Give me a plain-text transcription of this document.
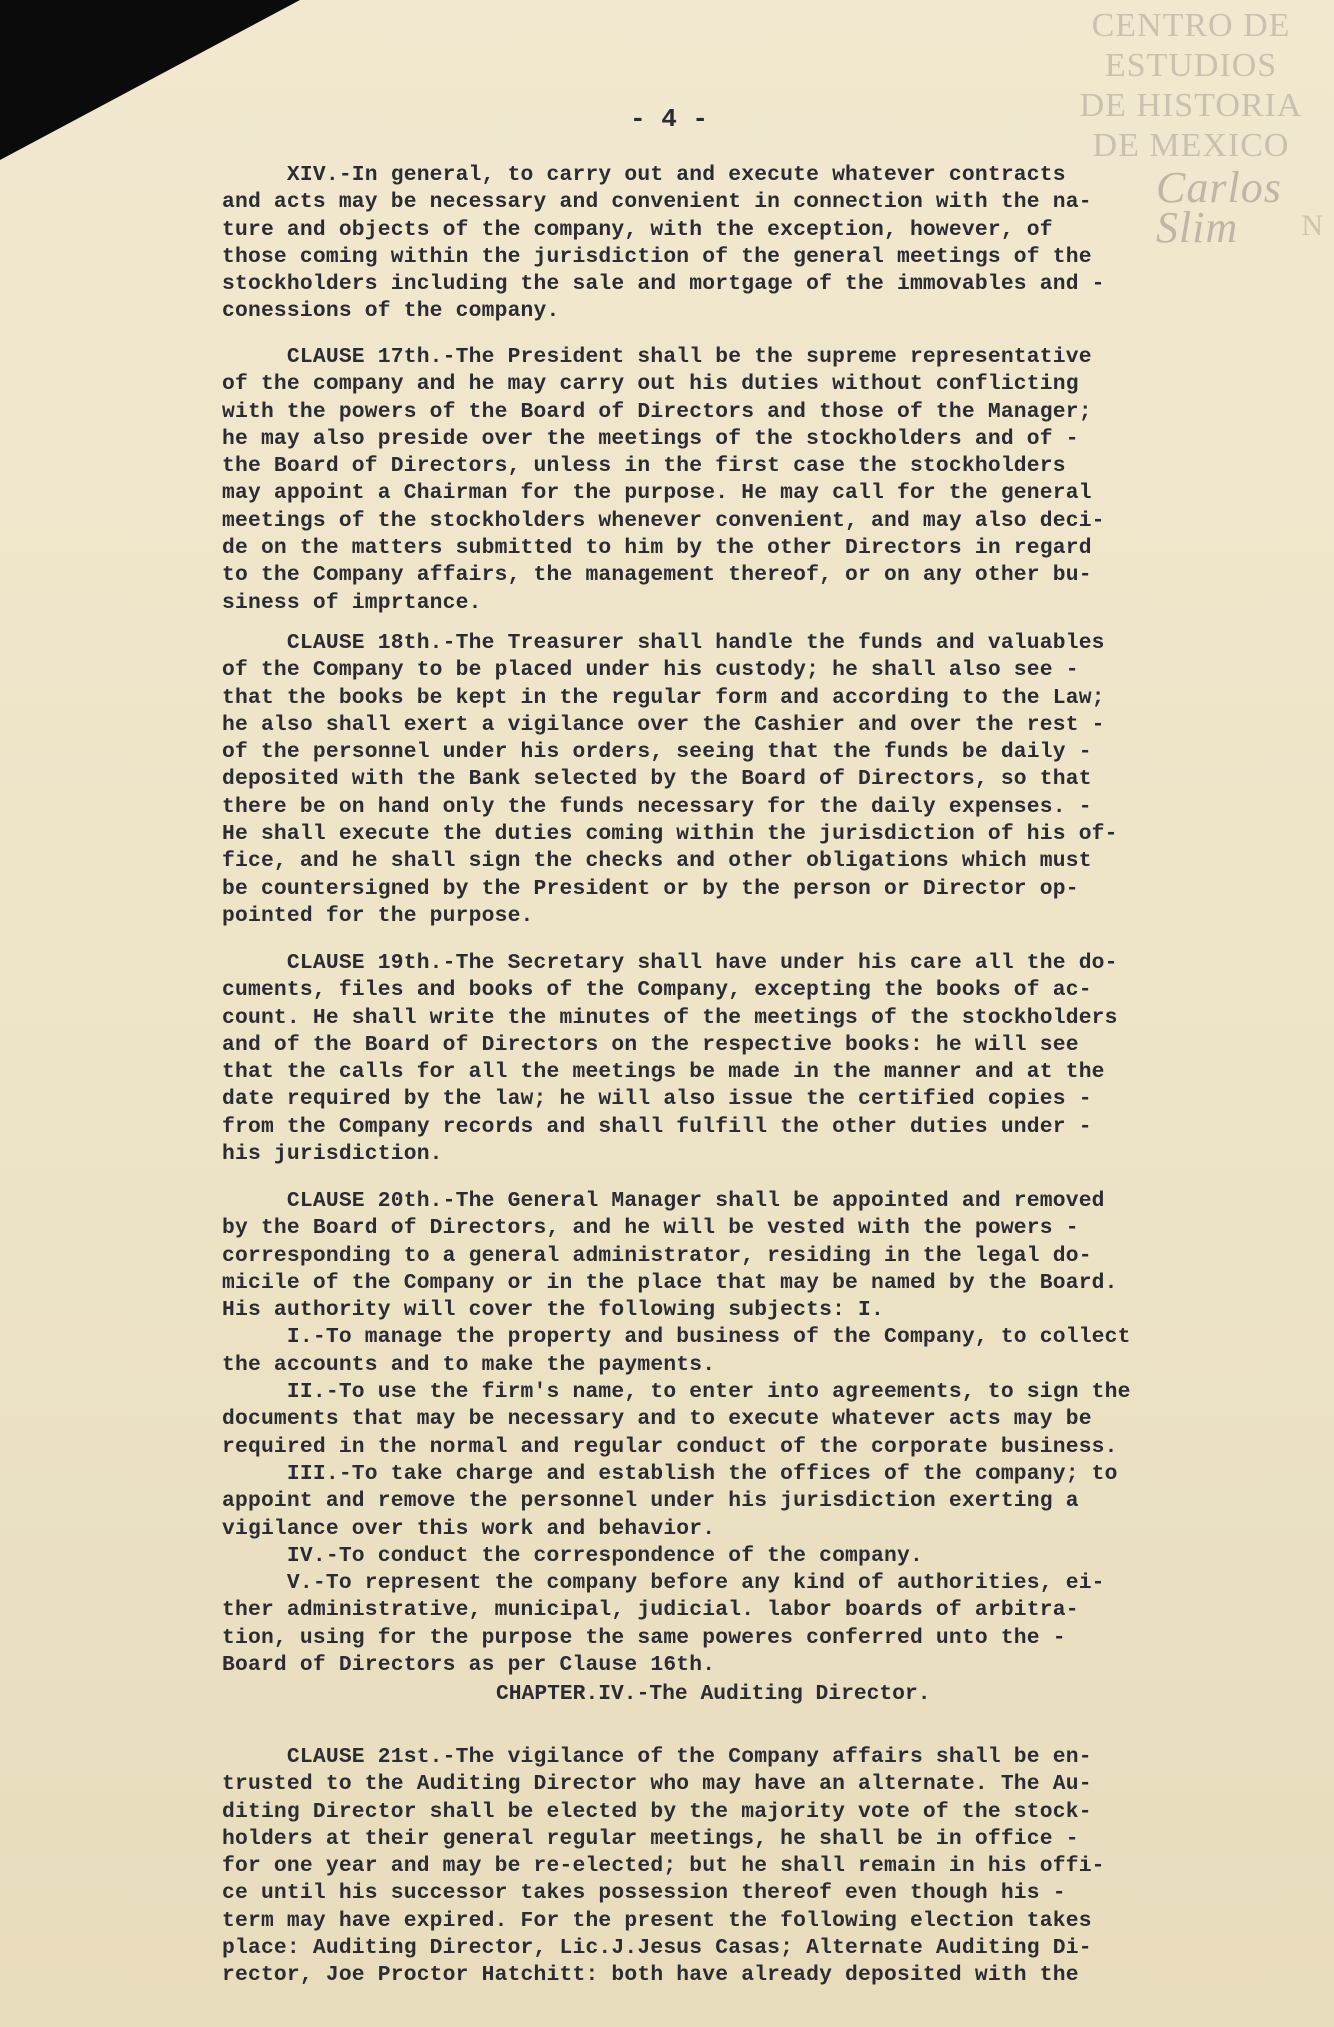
CENTRO DE
ESTUDIOS
DE HISTORIA
DE MEXICO
N
Carlos Slim
- 4 -
XIV.-In general, to carry out and execute whatever contracts
and acts may be necessary and convenient in connection with the na-
ture and objects of the company, with the exception, however, of
those coming within the jurisdiction of the general meetings of the
stockholders including the sale and mortgage of the immovables and -
conessions of the company.
CLAUSE 17th.-The President shall be the supreme representative
of the company and he may carry out his duties without conflicting
with the powers of the Board of Directors and those of the Manager;
he may also preside over the meetings of the stockholders and of -
the Board of Directors, unless in the first case the stockholders
may appoint a Chairman for the purpose. He may call for the general
meetings of the stockholders whenever convenient, and may also deci-
de on the matters submitted to him by the other Directors in regard
to the Company affairs, the management thereof, or on any other bu-
siness of imprtance.
CLAUSE 18th.-The Treasurer shall handle the funds and valuables
of the Company to be placed under his custody; he shall also see -
that the books be kept in the regular form and according to the Law;
he also shall exert a vigilance over the Cashier and over the rest -
of the personnel under his orders, seeing that the funds be daily -
deposited with the Bank selected by the Board of Directors, so that
there be on hand only the funds necessary for the daily expenses. -
He shall execute the duties coming within the jurisdiction of his of-
fice, and he shall sign the checks and other obligations which must
be countersigned by the President or by the person or Director op-
pointed for the purpose.
CLAUSE 19th.-The Secretary shall have under his care all the do-
cuments, files and books of the Company, excepting the books of ac-
count. He shall write the minutes of the meetings of the stockholders
and of the Board of Directors on the respective books: he will see
that the calls for all the meetings be made in the manner and at the
date required by the law; he will also issue the certified copies -
from the Company records and shall fulfill the other duties under -
his jurisdiction.
CLAUSE 20th.-The General Manager shall be appointed and removed
by the Board of Directors, and he will be vested with the powers -
corresponding to a general administrator, residing in the legal do-
micile of the Company or in the place that may be named by the Board.
His authority will cover the following subjects: I.
I.-To manage the property and business of the Company, to collect
the accounts and to make the payments.
II.-To use the firm's name, to enter into agreements, to sign the
documents that may be necessary and to execute whatever acts may be
required in the normal and regular conduct of the corporate business.
III.-To take charge and establish the offices of the company; to
appoint and remove the personnel under his jurisdiction exerting a
vigilance over this work and behavior.
IV.-To conduct the correspondence of the company.
V.-To represent the company before any kind of authorities, ei-
ther administrative, municipal, judicial. labor boards of arbitra-
tion, using for the purpose the same poweres conferred unto the -
Board of Directors as per Clause 16th.
CLAUSE 21st.-The vigilance of the Company affairs shall be en-
trusted to the Auditing Director who may have an alternate. The Au-
diting Director shall be elected by the majority vote of the stock-
holders at their general regular meetings, he shall be in office -
for one year and may be re-elected; but he shall remain in his offi-
ce until his successor takes possession thereof even though his -
term may have expired. For the present the following election takes
place: Auditing Director, Lic.J.Jesus Casas; Alternate Auditing Di-
rector, Joe Proctor Hatchitt: both have already deposited with the
CHAPTER.IV.-The Auditing Director.
